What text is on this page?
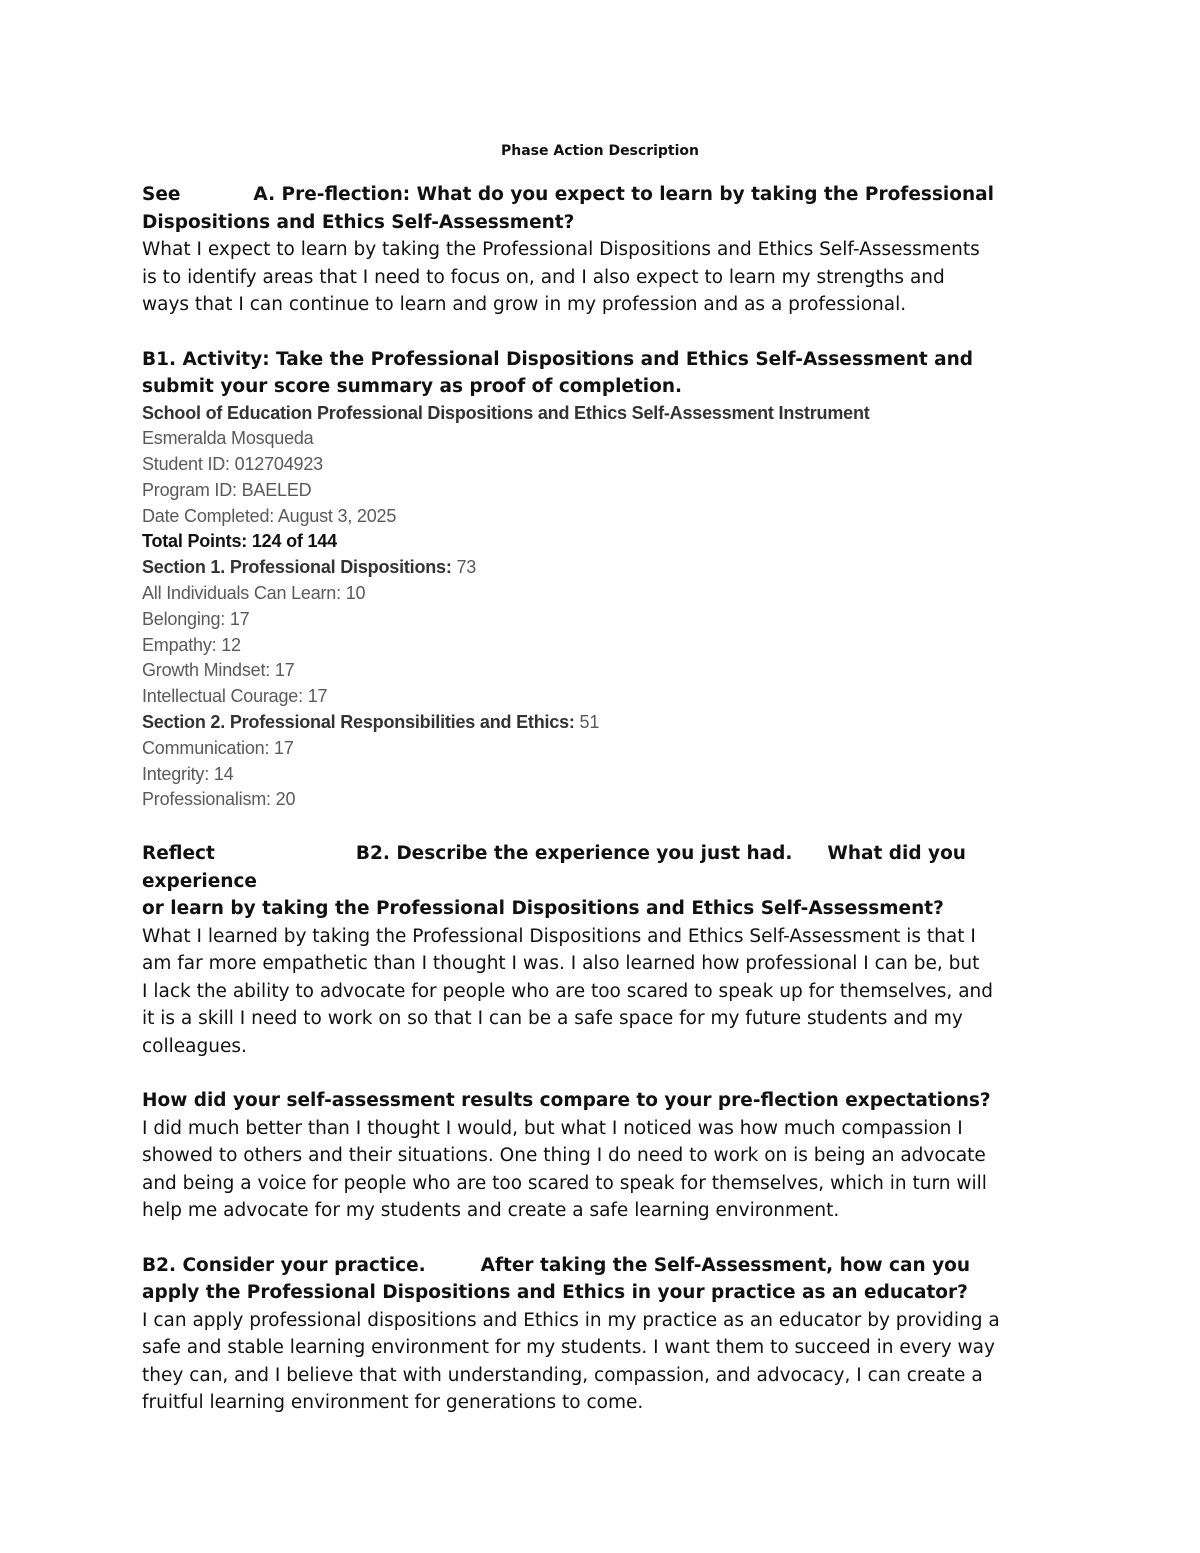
Phase Action Description

See	A. Pre-flection: What do you expect to learn by taking the Professional

Dispositions and Ethics Self-Assessment?

What I expect to learn by taking the Professional Dispositions and Ethics Self-Assessments

is to identify areas that I need to focus on, and I also expect to learn my strengths and

ways that I can continue to learn and grow in my profession and as a professional.

B1. Activity: Take the Professional Dispositions and Ethics Self-Assessment and

submit your score summary as proof of completion.

School of Education Professional Dispositions and Ethics Self-Assessment Instrument

Esmeralda Mosqueda

Student ID: 012704923

Program ID: BAELED

Date Completed: August 3, 2025

Total Points: 124 of 144

Section 1. Professional Dispositions: 73

All Individuals Can Learn: 10

Belonging: 17

Empathy: 12

Growth Mindset: 17

Intellectual Courage: 17

Section 2. Professional Responsibilities and Ethics: 51

Communication: 17

Integrity: 14

Professionalism: 20

Reflect	B2. Describe the experience you just had. What did you experience

or learn by taking the Professional Dispositions and Ethics Self-Assessment?

What I learned by taking the Professional Dispositions and Ethics Self-Assessment is that I

am far more empathetic than I thought I was. I also learned how professional I can be, but

I lack the ability to advocate for people who are too scared to speak up for themselves, and

it is a skill I need to work on so that I can be a safe space for my future students and my

colleagues.

How did your self-assessment results compare to your pre-flection expectations?

I did much better than I thought I would, but what I noticed was how much compassion I

showed to others and their situations. One thing I do need to work on is being an advocate

and being a voice for people who are too scared to speak for themselves, which in turn will

help me advocate for my students and create a safe learning environment.

B2. Consider your practice.	After taking the Self-Assessment, how can you

apply the Professional Dispositions and Ethics in your practice as an educator?

I can apply professional dispositions and Ethics in my practice as an educator by providing a

safe and stable learning environment for my students. I want them to succeed in every way

they can, and I believe that with understanding, compassion, and advocacy, I can create a

fruitful learning environment for generations to come.
